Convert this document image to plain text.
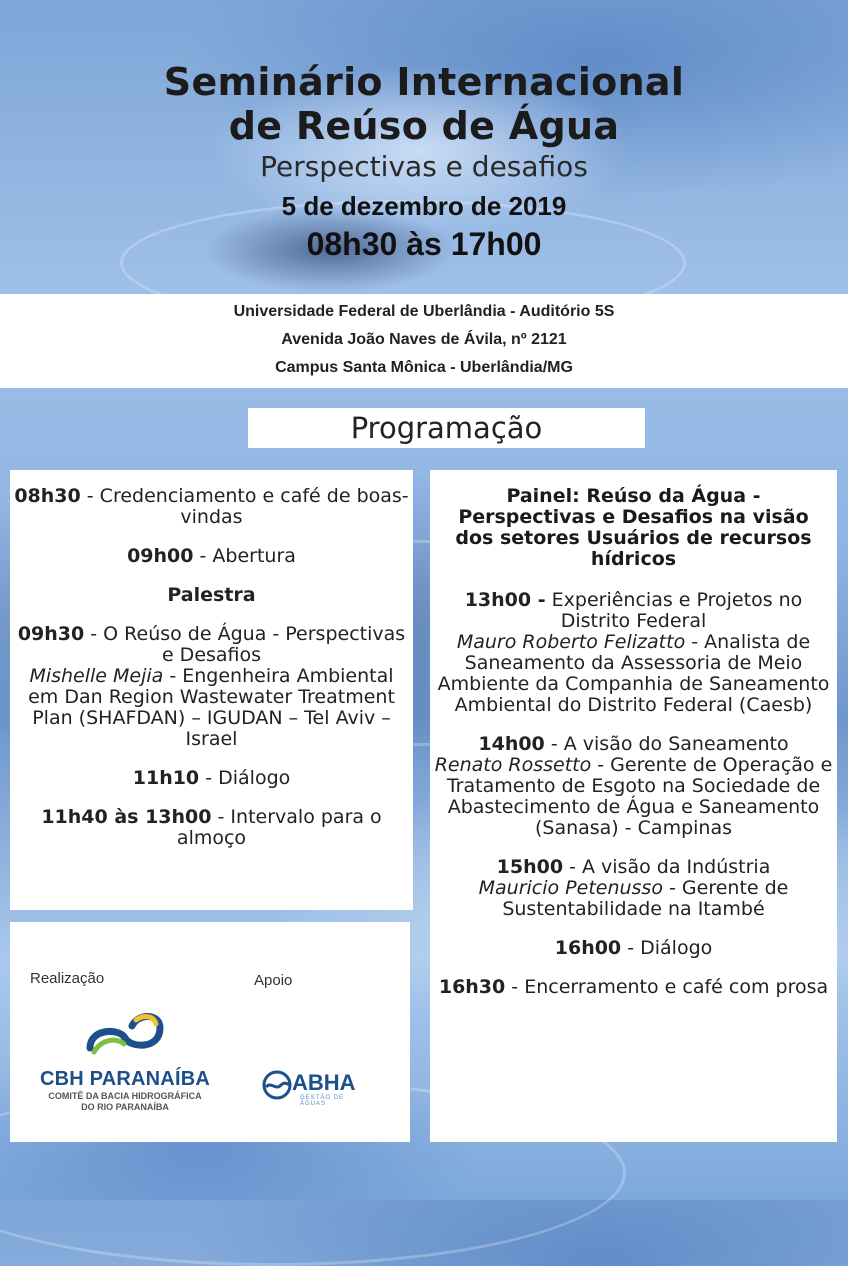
Seminário Internacional
de Reúso de Água
Perspectivas e desafios
5 de dezembro de 2019
08h30 às 17h00
Universidade Federal de Uberlândia - Auditório 5S
Avenida João Naves de Ávila, nº 2121
Campus Santa Mônica - Uberlândia/MG
Programação
08h30 - Credenciamento e café de boas-vindas
09h00 - Abertura
Palestra
09h30 - O Reúso de Água - Perspectivas e Desafios
Mishelle Mejia - Engenheira Ambiental em Dan Region Wastewater Treatment Plan (SHAFDAN) – IGUDAN – Tel Aviv – Israel
11h10 - Diálogo
11h40 às 13h00 - Intervalo para o almoço
Painel: Reúso da Água - Perspectivas e Desafios na visão dos setores Usuários de recursos hídricos
13h00 - Experiências e Projetos no Distrito Federal
Mauro Roberto Felizatto - Analista de Saneamento da Assessoria de Meio Ambiente da Companhia de Saneamento Ambiental do Distrito Federal (Caesb)
14h00 - A visão do Saneamento
Renato Rossetto - Gerente de Operação e Tratamento de Esgoto na Sociedade de Abastecimento de Água e Saneamento (Sanasa) - Campinas
15h00 - A visão da Indústria
Mauricio Petenusso - Gerente de Sustentabilidade na Itambé
16h00 - Diálogo
16h30 - Encerramento e café com prosa
Realização	Apoio
CBH PARANAÍBA
COMITÊ DA BACIA HIDROGRÁFICA
DO RIO PARANAÍBA
ABHA
GESTÃO DE ÁGUAS
